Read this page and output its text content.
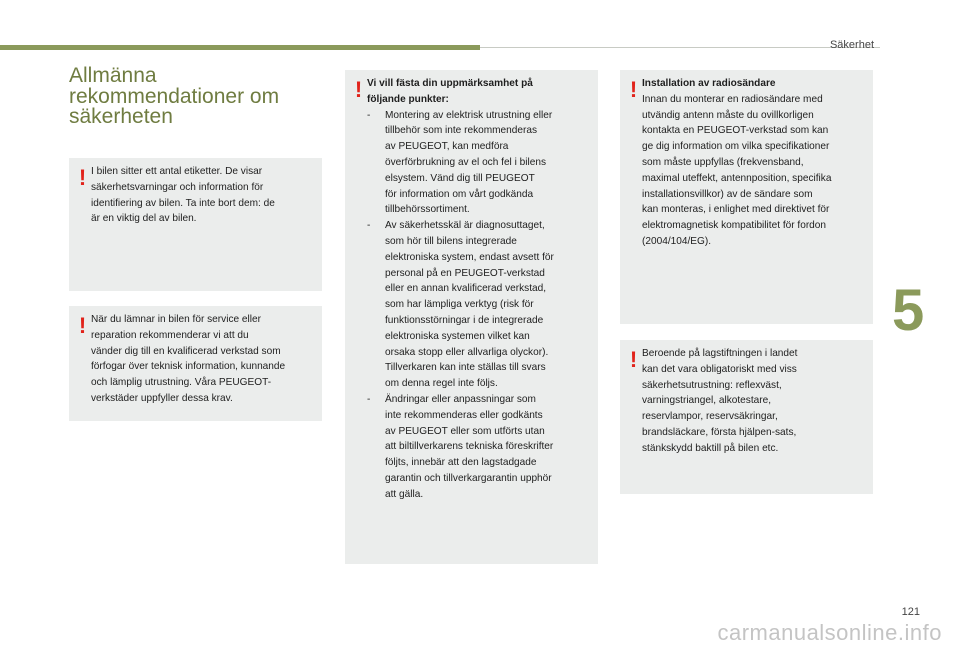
Säkerhet
5
121
carmanualsonline.info
Allmänna
rekommendationer om
säkerheten
! I bilen sitter ett antal etiketter. De visar

säkerhetsvarningar och information för

identifiering av bilen. Ta inte bort dem: de

är en viktig del av bilen.

! När du lämnar in bilen för service eller

reparation rekommenderar vi att du

vänder dig till en kvalificerad verkstad som

förfogar över teknisk information, kunnande

och lämplig utrustning. Våra PEUGEOT-

verkstäder uppfyller dessa krav.

! Vi vill fästa din uppmärksamhet på

följande punkter:

-	Montering av elektrisk utrustning eller

tillbehör som inte rekommenderas

av PEUGEOT, kan medföra

överförbrukning av el och fel i bilens

elsystem. Vänd dig till PEUGEOT

för information om vårt godkända

tillbehörssortiment.

-	Av säkerhetsskäl är diagnosuttaget,

som hör till bilens integrerade

elektroniska system, endast avsett för

personal på en PEUGEOT-verkstad

eller en annan kvalificerad verkstad,

som har lämpliga verktyg (risk för

funktionsstörningar i de integrerade

elektroniska systemen vilket kan

orsaka stopp eller allvarliga olyckor).

Tillverkaren kan inte ställas till svars

om denna regel inte följs.

-	Ändringar eller anpassningar som

inte rekommenderas eller godkänts

av PEUGEOT eller som utförts utan

att biltillverkarens tekniska föreskrifter

följts, innebär att den lagstadgade

garantin och tillverkargarantin upphör

att gälla.

! Installation av radiosändare

Innan du monterar en radiosändare med

utvändig antenn måste du ovillkorligen

kontakta en PEUGEOT-verkstad som kan

ge dig information om vilka specifikationer

som måste uppfyllas (frekvensband,

maximal uteffekt, antennposition, specifika

installationsvillkor) av de sändare som

kan monteras, i enlighet med direktivet för

elektromagnetisk kompatibilitet för fordon

(2004/104/EG).

! Beroende på lagstiftningen i landet

kan det vara obligatoriskt med viss

säkerhetsutrustning: reflexväst,

varningstriangel, alkotestare,

reservlampor, reservsäkringar,

brandsläckare, första hjälpen-sats,

stänkskydd baktill på bilen etc.
